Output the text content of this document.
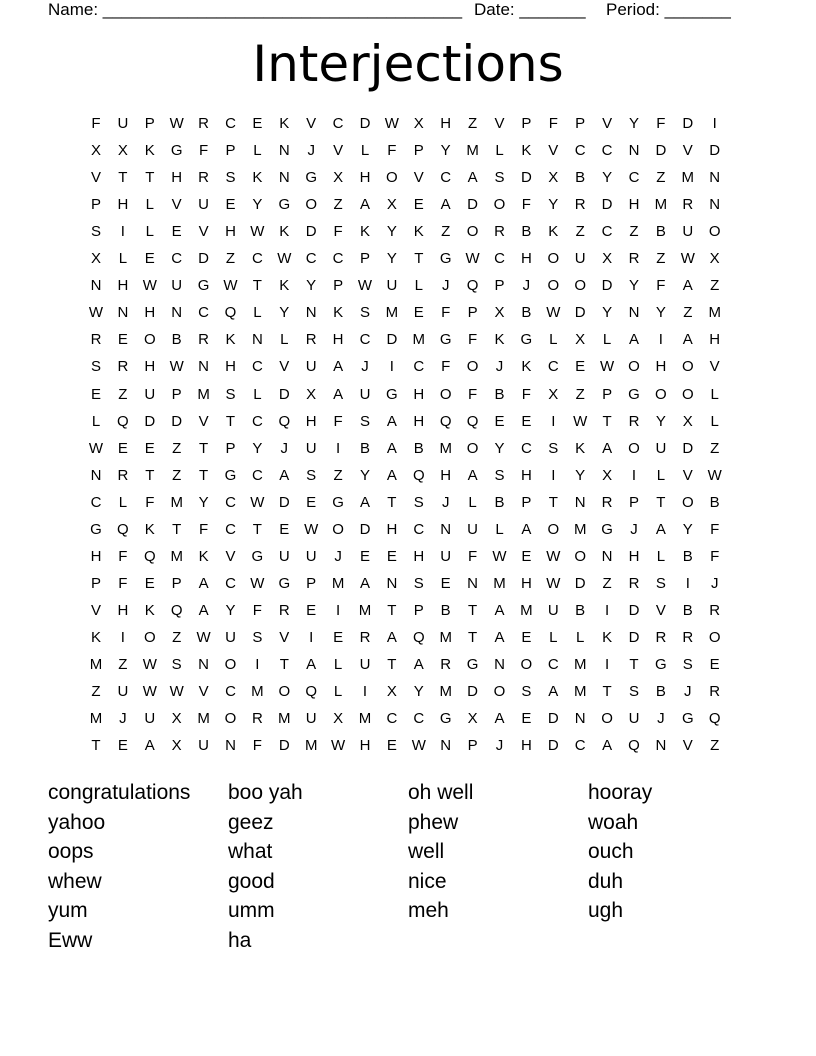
Name: ______________________________________ Date: _______ Period: _______
Interjections
F	U	P W R	C	E	K	V	C	D W X	H	Z	V	P	F	P	V	Y	F	D	I
X	X	K	G	F	P	L	N	J	V	L	F	P	Y	M	L	K	V	C	C	N	D	V	D
V	T	T	H	R	S	K	N	G	X	H	O	V	C	A	S	D	X	B	Y	C	Z	M	N
P	H	L	V	U	E	Y	G	O	Z	A	X	E	A	D	O	F	Y	R	D	H	M	R	N
S	I	L	E	V	H W K	D	F	K	Y	K	Z	O	R	B	K	Z	C	Z	B	U	O
X	L	E	C	D	Z	C W C	C	P	Y	T	G W C	H	O	U	X	R	Z	W X
N	H W U	G W	T	K	Y	P W U	L	J	Q	P	J	O	O	D	Y	F	A	Z
W N	H	N	C	Q	L	Y	N	K	S	M	E	F	P	X	B W D	Y	N	Y	Z	M
R	E	O	B	R	K	N	L	R	H	C	D	M G	F	K	G	L	X	L	A	I	A	H
S	R	H W N	H	C	V	U	A	J	I	C	F	O	J	K	C	E W O	H	O	V
E	Z	U	P	M	S	L	D	X	A	U	G	H	O	F	B	F	X	Z	P	G	O	O	L
L	Q	D	D	V	T	C	Q	H	F	S	A	H	Q	Q	E	E	I	W	T	R	Y	X	L
W E	E	Z	T	P	Y	J	U	I	B	A	B	M O	Y	C	S	K	A	O	U	D	Z
N	R	T	Z	T	G	C	A	S	Z	Y	A	Q	H	A	S	H	I	Y	X	I	L	V W
C	L	F	M	Y	C W D	E	G	A	T	S	J	L	B	P	T	N	R	P	T	O	B
G	Q	K	T	F	C	T	E W O	D	H	C	N	U	L	A	O M G	J	A	Y	F
H	F	Q M	K	V	G	U	U	J	E	E	H	U	F	W E W O	N	H	L	B	F
P	F	E	P	A	C W G	P	M	A	N	S	E	N	M	H W D	Z	R	S	I	J
V	H	K	Q	A	Y	F	R	E	I	M	T	P	B	T	A	M	U	B	I	D	V	B	R
K	I	O	Z	W U	S	V	I	E	R	A	Q M	T	A	E	L	L	K	D	R	R	O
M	Z	W S	N	O	I	T	A	L	U	T	A	R	G	N	O	C	M	I	T	G	S	E
Z	U W W V	C	M O	Q	L	I	X	Y	M	D	O	S	A	M	T	S	B	J	R
M	J	U	X	M O	R	M	U	X	M	C	C	G	X	A	E	D	N	O	U	J	G	Q
T	E	A	X	U	N	F	D	M W H	E W N	P	J	H	D	C	A	Q	N	V	Z
congratulations
yahoo
oops
whew
yum
Eww
boo yah
geez
what
good
umm
ha
oh well
phew
well
nice
meh
hooray
woah
ouch
duh
ugh
